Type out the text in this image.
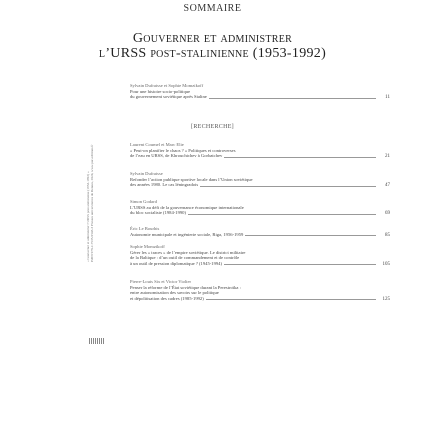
SOMMAIRE
Gouverner et administrer
l’URSS post-stalinienne (1953-1992)
Sylvain Dufraisse et Sophie Momzikoff
Pour une histoire socio-politique
du gouvernement soviétique après Staline	11
[RECHERCHE]
Laurent Coumel et Marc Elie
« Peut-on planifier le chaos ? » Politiques et controverses
de l’eau en URSS, de Khrouchtchev à Gorbatchev	21
Sylvain Dufraisse
Refonder l’action publique sportive locale dans l’Union soviétique
des années 1980. Le cas léningradois	47
Simon Godard
L’URSS au défi de la gouvernance économique internationale
du bloc socialiste (1984-1990)	69
Éric Le Bourhis
Autonomie municipale et ingénierie sociale, Riga, 1956-1959	85
Sophie Momzikoff
Gérer les « traces » de l’empire soviétique. Le district militaire
de la Baltique : d’un outil de commandement et de contrôle
à un outil de pression diplomatique ? (1945-1994)	105
Pierre-Louis Six et Victor Violier
Penser la réforme de l’État soviétique durant la Perestroïka :
entre autonomisation des savoirs sur le politique
et dépolitisation des cadres (1985-1992)	125
« Gouverner et administrer l’URSS post-stalinienne (1953-1992) » ISBN 978-2-7535-9543-3 Presses universitaires de Rennes, 2024, www.pur-editions.fr
